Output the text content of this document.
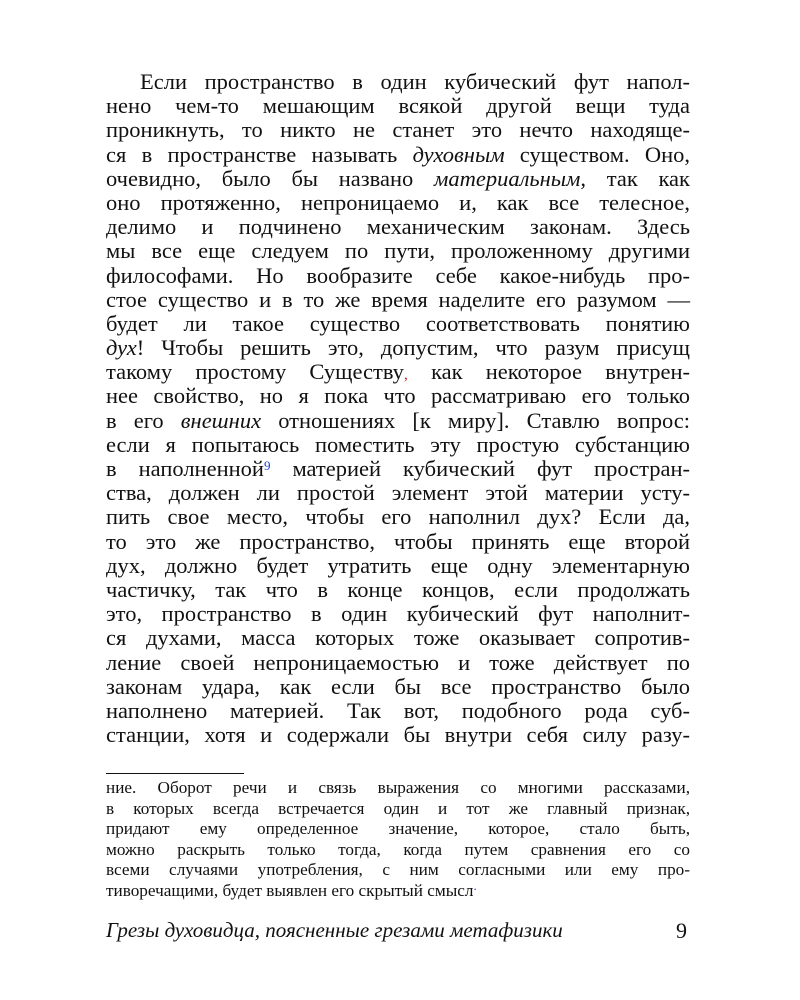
Если пространство в один кубический фут напол-
нено чем-то мешающим всякой другой вещи туда
проникнуть, то никто не станет это нечто находяще-
ся в пространстве называть духовным существом. Оно,
очевидно, было бы названо материальным, так как
оно протяженно, непроницаемо и, как все телесное,
делимо и подчинено механическим законам. Здесь
мы все еще следуем по пути, проложенному другими
философами. Но вообразите себе какое-нибудь про-
стое существо и в то же время наделите его разумом —
будет ли такое существо соответствовать понятию
дух! Чтобы решить это, допустим, что разум присущ
такому простому Существу, как некоторое внутрен-
нее свойство, но я пока что рассматриваю его только
в его внешних отношениях [к миру]. Ставлю вопрос:
если я попытаюсь поместить эту простую субстанцию
в наполненной$^9$ материей кубический фут простран-
ства, должен ли простой элемент этой материи усту-
пить свое место, чтобы его наполнил дух? Если да,
то это же пространство, чтобы принять еще второй
дух, должно будет утратить еще одну элементарную
частичку, так что в конце концов, если продолжать
это, пространство в один кубический фут наполнит-
ся духами, масса которых тоже оказывает сопротив-
ление своей непроницаемостью и тоже действует по
законам удара, как если бы все пространство было
наполнено материей. Так вот, подобного рода суб-
станции, хотя и содержали бы внутри себя силу разу-
ние. Оборот речи и связь выражения со многими рассказами,
в которых всегда встречается один и тот же главный признак,
придают ему определенное значение, которое, стало быть,
можно раскрыть только тогда, когда путем сравнения его со
всеми случаями употребления, с ним согласными или ему про-
тиворечащими, будет выявлен его скрытый смысл.
Грезы духовидца, поясненные грезами метафизики	9
